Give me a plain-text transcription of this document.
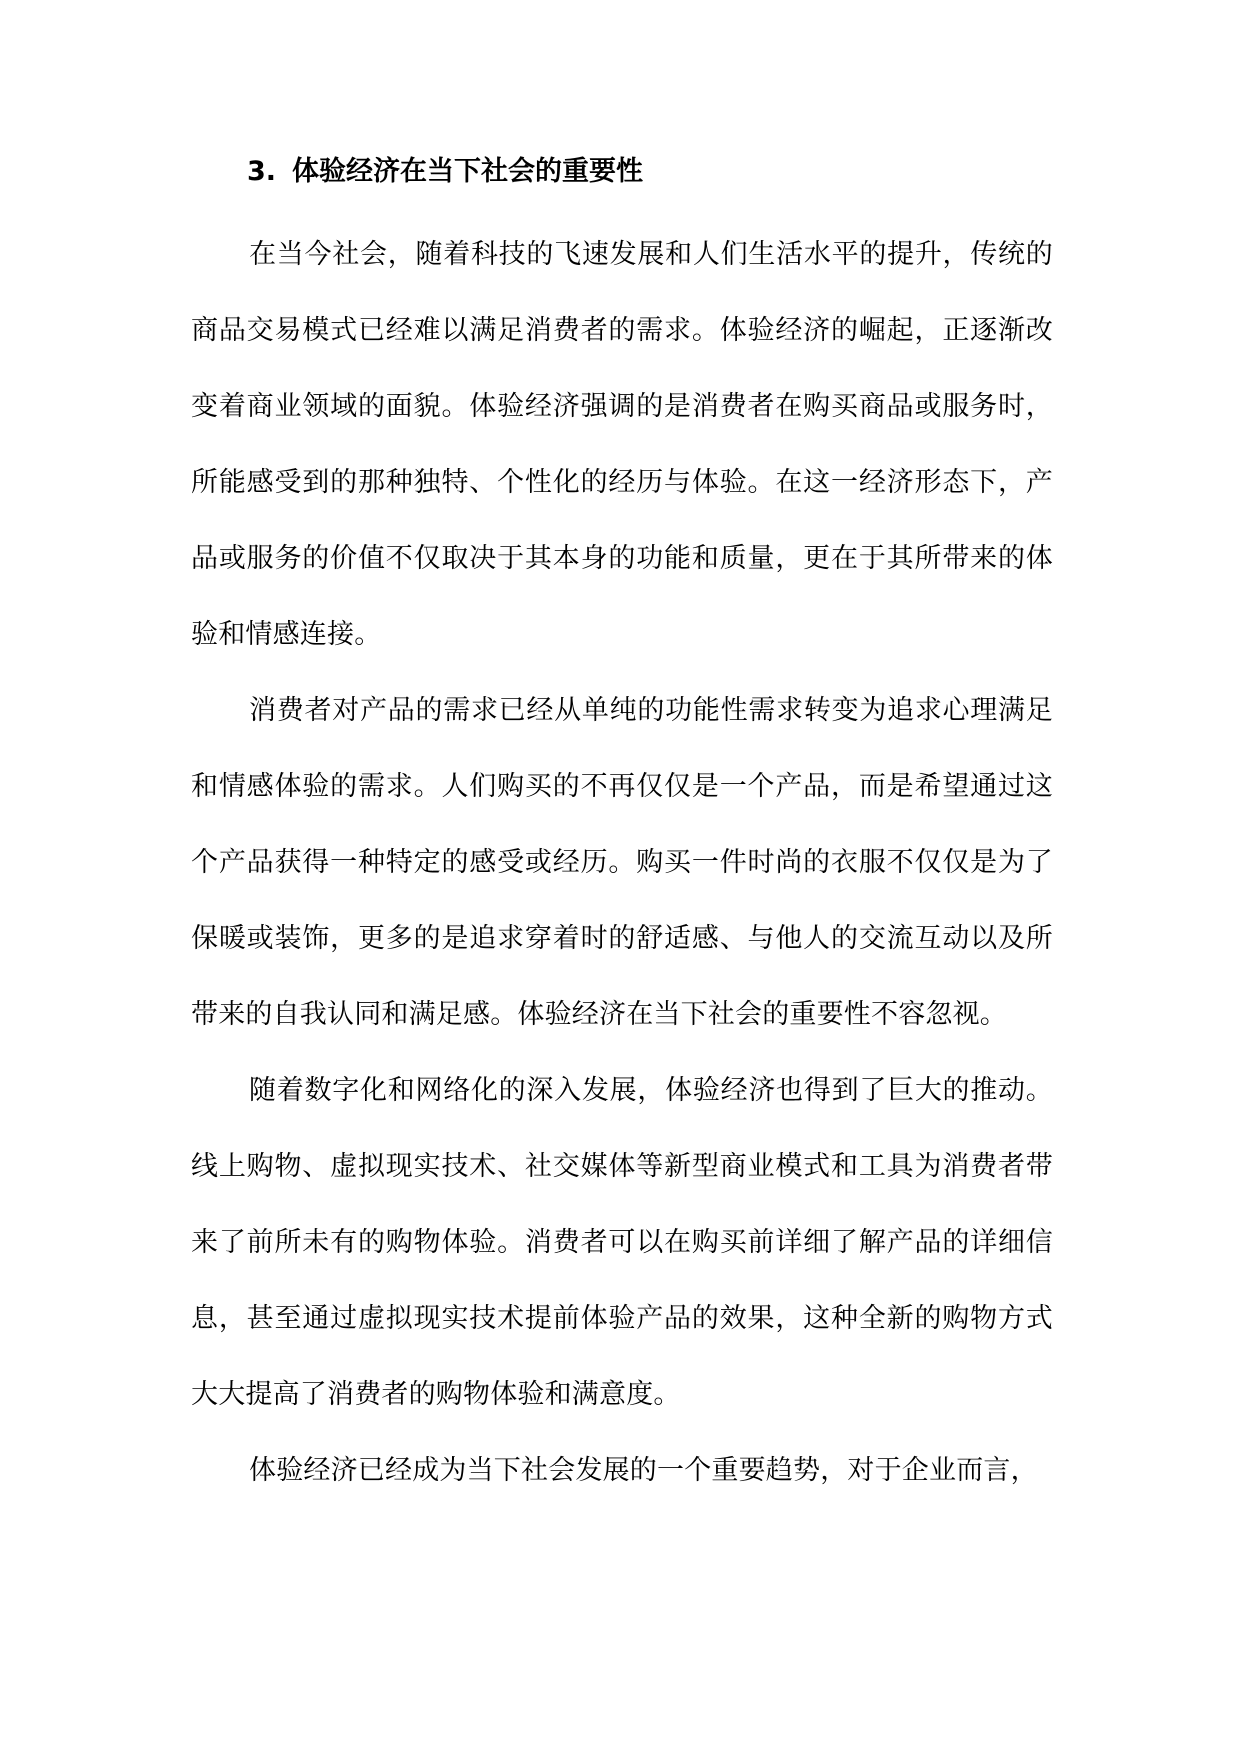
3. 体验经济在当下社会的重要性

在当今社会，随着科技的飞速发展和人们生活水平的提升，传统的商品交易模式已经难以满足消费者的需求。体验经济的崛起，正逐渐改变着商业领域的面貌。体验经济强调的是消费者在购买商品或服务时，所能感受到的那种独特、个性化的经历与体验。在这一经济形态下，产品或服务的价值不仅取决于其本身的功能和质量，更在于其所带来的体验和情感连接。

消费者对产品的需求已经从单纯的功能性需求转变为追求心理满足和情感体验的需求。人们购买的不再仅仅是一个产品，而是希望通过这个产品获得一种特定的感受或经历。购买一件时尚的衣服不仅仅是为了保暖或装饰，更多的是追求穿着时的舒适感、与他人的交流互动以及所带来的自我认同和满足感。体验经济在当下社会的重要性不容忽视。

随着数字化和网络化的深入发展，体验经济也得到了巨大的推动。线上购物、虚拟现实技术、社交媒体等新型商业模式和工具为消费者带来了前所未有的购物体验。消费者可以在购买前详细了解产品的详细信息，甚至通过虚拟现实技术提前体验产品的效果，这种全新的购物方式大大提高了消费者的购物体验和满意度。

体验经济已经成为当下社会发展的一个重要趋势，对于企业而言，
